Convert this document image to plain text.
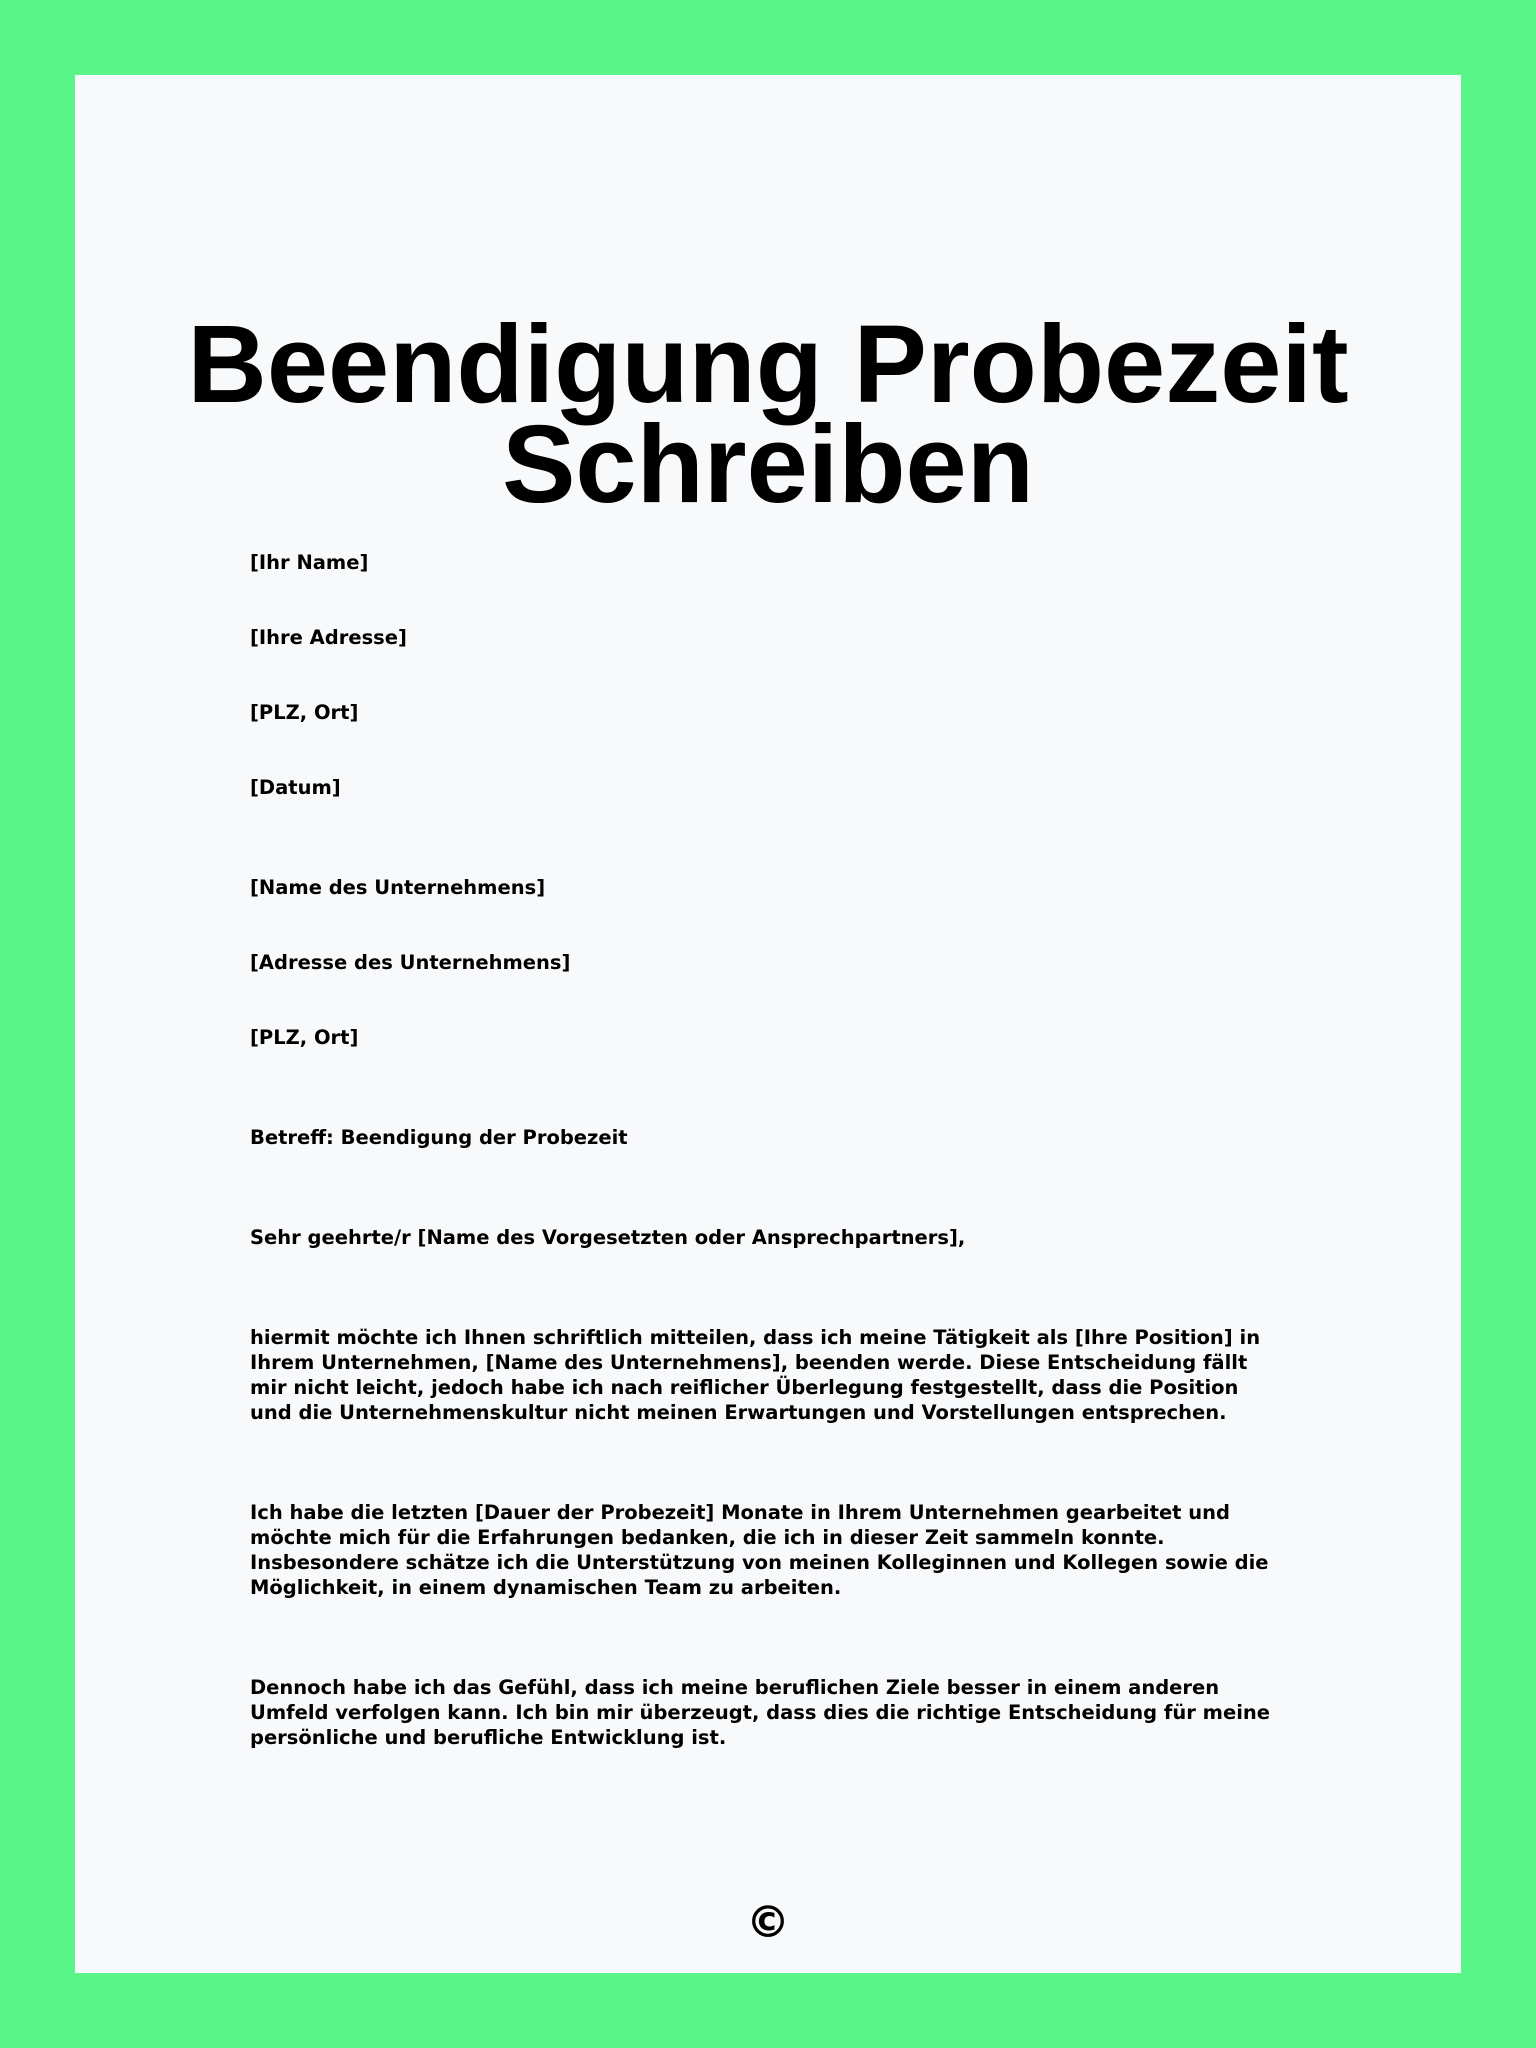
Beendigung Probezeit
Schreiben

[Ihr Name]

[Ihre Adresse]

[PLZ, Ort]

[Datum]

[Name des Unternehmens]

[Adresse des Unternehmens]

[PLZ, Ort]

Betreff: Beendigung der Probezeit

Sehr geehrte/r [Name des Vorgesetzten oder Ansprechpartners],

hiermit möchte ich Ihnen schriftlich mitteilen, dass ich meine Tätigkeit als [Ihre Position] in Ihrem Unternehmen, [Name des Unternehmens], beenden werde. Diese Entscheidung fällt mir nicht leicht, jedoch habe ich nach reiflicher Überlegung festgestellt, dass die Position und die Unternehmenskultur nicht meinen Erwartungen und Vorstellungen entsprechen.

Ich habe die letzten [Dauer der Probezeit] Monate in Ihrem Unternehmen gearbeitet und möchte mich für die Erfahrungen bedanken, die ich in dieser Zeit sammeln konnte. Insbesondere schätze ich die Unterstützung von meinen Kolleginnen und Kollegen sowie die Möglichkeit, in einem dynamischen Team zu arbeiten.

Dennoch habe ich das Gefühl, dass ich meine beruflichen Ziele besser in einem anderen Umfeld verfolgen kann. Ich bin mir überzeugt, dass dies die richtige Entscheidung für meine persönliche und berufliche Entwicklung ist.

©
